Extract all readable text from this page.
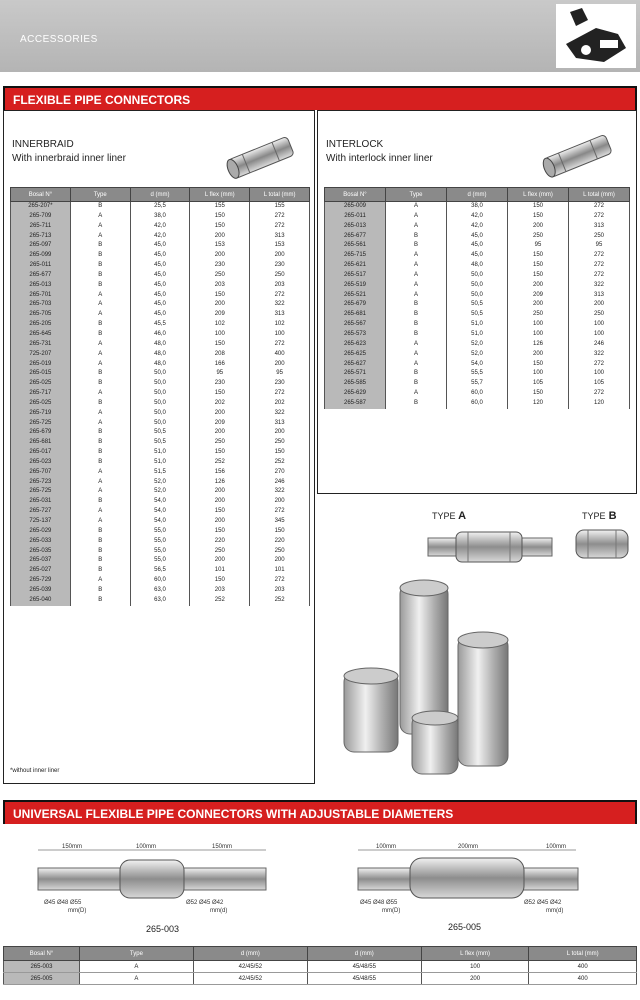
ACCESSORIES
FLEXIBLE PIPE CONNECTORS
INNERBRAID
With innerbraid inner liner
Bosal N°	Type	d (mm)	L flex (mm)	L total (mm)
265-207*	B	25,5	155	155
265-709	A	38,0	150	272
265-711	A	42,0	150	272
265-713	A	42,0	200	313
265-097	B	45,0	153	153
265-099	B	45,0	200	200
265-011	B	45,0	230	230
265-677	B	45,0	250	250
265-013	B	45,0	203	203
265-701	A	45,0	150	272
265-703	A	45,0	200	322
265-705	A	45,0	209	313
265-205	B	45,5	102	102
265-645	B	46,0	100	100
265-731	A	48,0	150	272
725-207	A	48,0	208	400
265-019	A	48,0	166	200
265-015	B	50,0	95	95
265-025	B	50,0	230	230
265-717	A	50,0	150	272
265-025	B	50,0	202	202
265-719	A	50,0	200	322
265-725	A	50,0	209	313
265-679	B	50,5	200	200
265-681	B	50,5	250	250
265-017	B	51,0	150	150
265-023	B	51,0	252	252
265-707	A	51,5	156	270
265-723	A	52,0	126	246
265-725	A	52,0	200	322
265-031	B	54,0	200	200
265-727	A	54,0	150	272
725-137	A	54,0	200	345
265-029	B	55,0	150	150
265-033	B	55,0	220	220
265-035	B	55,0	250	250
265-037	B	55,0	200	200
265-027	B	56,5	101	101
265-729	A	60,0	150	272
265-039	B	63,0	203	203
265-040	B	63,0	252	252
*without inner liner
INTERLOCK
With interlock inner liner
Bosal N°	Type	d (mm)	L flex (mm)	L total (mm)
265-009	A	38,0	150	272
265-011	A	42,0	150	272
265-013	A	42,0	200	313
265-677	B	45,0	250	250
265-561	B	45,0	95	95
265-715	A	45,0	150	272
265-621	A	48,0	150	272
265-517	A	50,0	150	272
265-519	A	50,0	200	322
265-521	A	50,0	209	313
265-679	B	50,5	200	200
265-681	B	50,5	250	250
265-567	B	51,0	100	100
265-573	B	51,0	100	100
265-623	A	52,0	126	246
265-625	A	52,0	200	322
265-627	A	54,0	150	272
265-571	B	55,5	100	100
265-585	B	55,7	105	105
265-629	A	60,0	150	272
265-587	B	60,0	120	120
TYPE A	TYPE B
UNIVERSAL FLEXIBLE PIPE CONNECTORS WITH ADJUSTABLE DIAMETERS
150mm	100mm	150mm
Ø45 Ø48 Ø55
mm(D)
Ø52 Ø45 Ø42
mm(d)
265-003
100mm	200mm	100mm
Ø45 Ø48 Ø55
mm(D)
Ø52 Ø45 Ø42
mm(d)
265-005
Bosal N°	Type	d (mm)	d (mm)	L flex (mm)	L total (mm)
265-003	A	42/45/52	45/48/55	100	400
265-005	A	42/45/52	45/48/55	200	400
